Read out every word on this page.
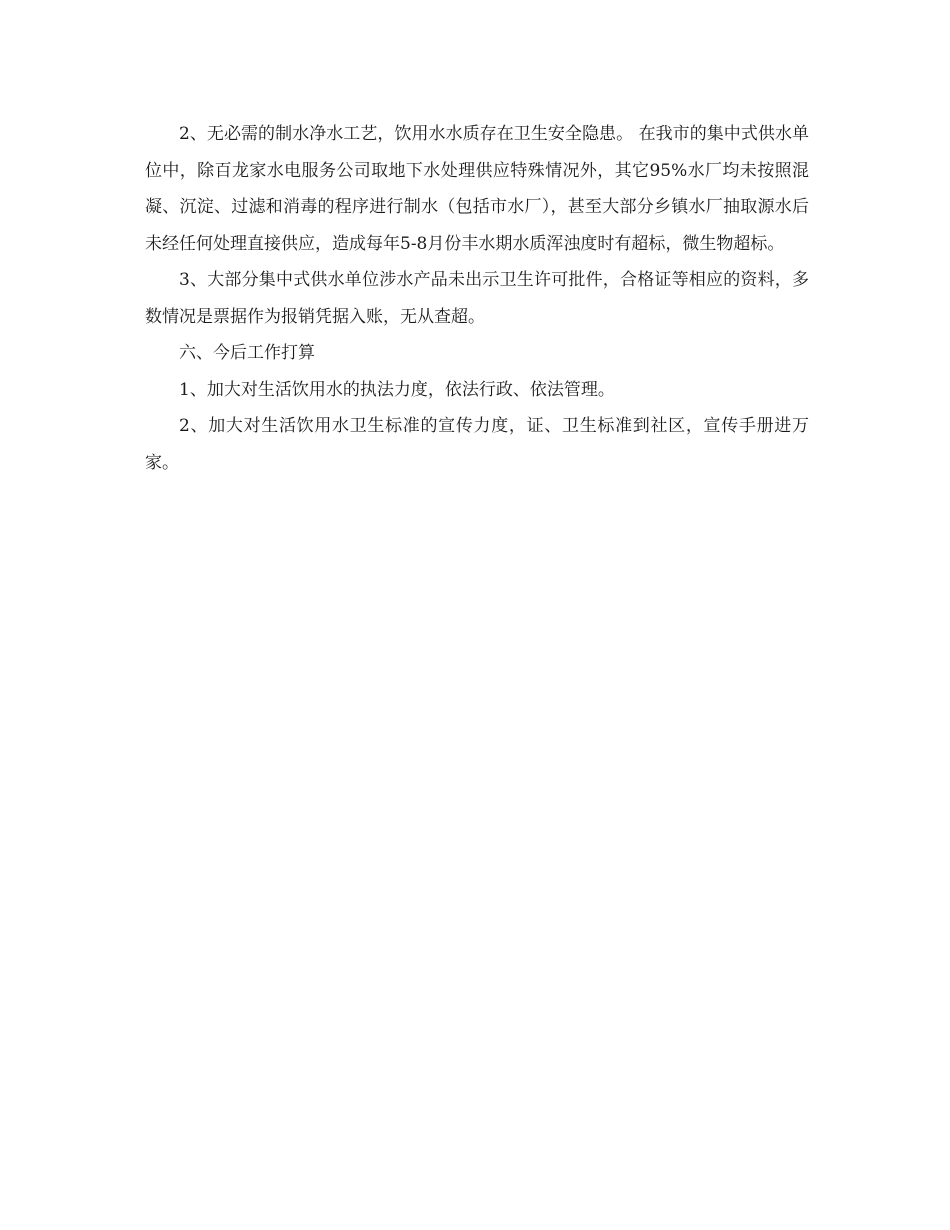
2、无必需的制水净水工艺，饮用水水质存在卫生安全隐患。 在我市的集中式供水单位中，除百龙家水电服务公司取地下水处理供应特殊情况外，其它95%水厂均未按照混凝、沉淀、过滤和消毒的程序进行制水（包括市水厂），甚至大部分乡镇水厂抽取源水后未经任何处理直接供应，造成每年5-8月份丰水期水质浑浊度时有超标，微生物超标。

3、大部分集中式供水单位涉水产品未出示卫生许可批件，合格证等相应的资料，多数情况是票据作为报销凭据入账，无从查超。

六、今后工作打算

1、加大对生活饮用水的执法力度，依法行政、依法管理。

2、加大对生活饮用水卫生标准的宣传力度，证、卫生标准到社区，宣传手册进万家。
